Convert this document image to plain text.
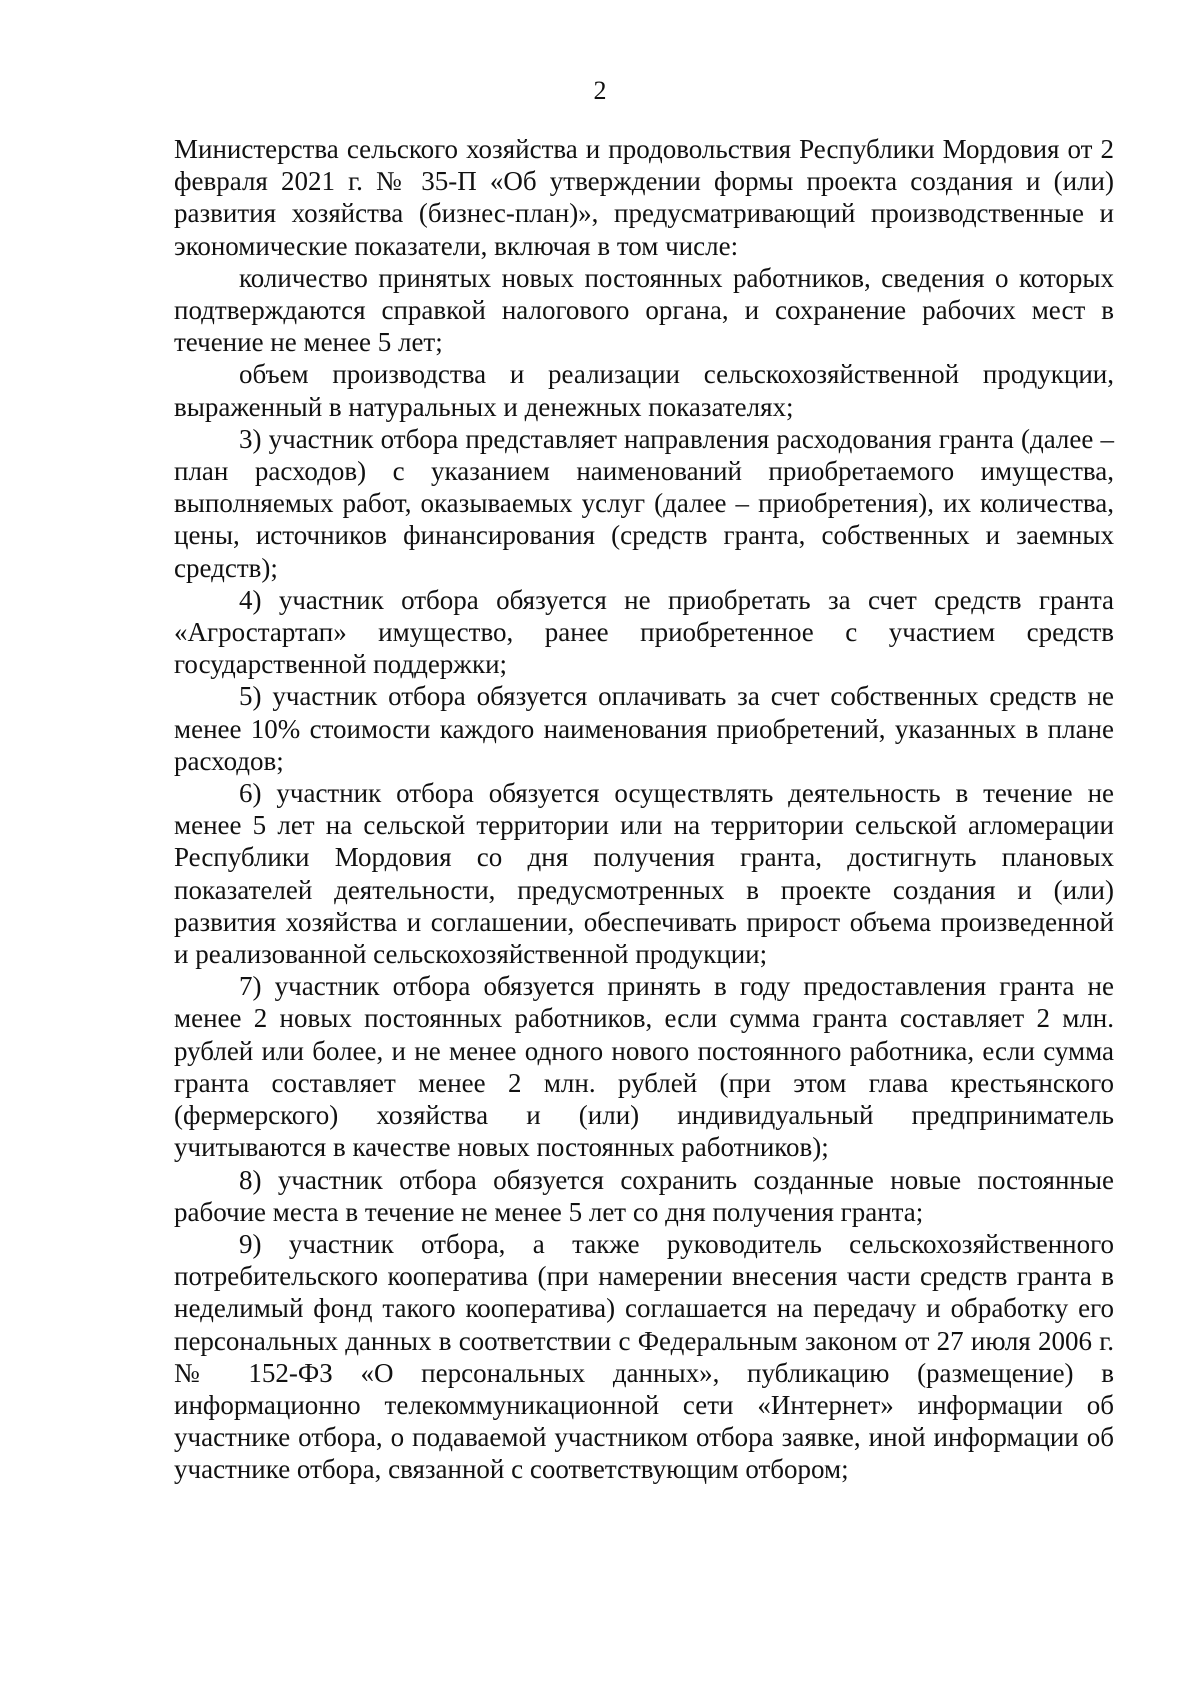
2

Министерства сельского хозяйства и продовольствия Республики Мордовия от 2 февраля 2021 г. № 35-П «Об утверждении формы проекта создания и (или) развития хозяйства (бизнес-план)», предусматривающий производственные и экономические показатели, включая в том числе:

количество принятых новых постоянных работников, сведения о которых подтверждаются справкой налогового органа, и сохранение рабочих мест в течение не менее 5 лет;

объем производства и реализации сельскохозяйственной продукции, выраженный в натуральных и денежных показателях;

3) участник отбора представляет направления расходования гранта (далее – план расходов) с указанием наименований приобретаемого имущества, выполняемых работ, оказываемых услуг (далее – приобретения), их количества, цены, источников финансирования (средств гранта, собственных и заемных средств);

4) участник отбора обязуется не приобретать за счет средств гранта «Агростартап» имущество, ранее приобретенное с участием средств государственной поддержки;

5) участник отбора обязуется оплачивать за счет собственных средств не менее 10% стоимости каждого наименования приобретений, указанных в плане расходов;

6) участник отбора обязуется осуществлять деятельность в течение не менее 5 лет на сельской территории или на территории сельской агломерации Республики Мордовия со дня получения гранта, достигнуть плановых показателей деятельности, предусмотренных в проекте создания и (или) развития хозяйства и соглашении, обеспечивать прирост объема произведенной и реализованной сельскохозяйственной продукции;

7) участник отбора обязуется принять в году предоставления гранта не менее 2 новых постоянных работников, если сумма гранта составляет 2 млн. рублей или более, и не менее одного нового постоянного работника, если сумма гранта составляет менее 2 млн. рублей (при этом глава крестьянского (фермерского) хозяйства и (или) индивидуальный предприниматель учитываются в качестве новых постоянных работников);

8) участник отбора обязуется сохранить созданные новые постоянные рабочие места в течение не менее 5 лет со дня получения гранта;

9) участник отбора, а также руководитель сельскохозяйственного потребительского кооператива (при намерении внесения части средств гранта в неделимый фонд такого кооператива) соглашается на передачу и обработку его персональных данных в соответствии с Федеральным законом от 27 июля 2006 г. № 152-ФЗ «О персональных данных», публикацию (размещение) в информационно телекоммуникационной сети «Интернет» информации об участнике отбора, о подаваемой участником отбора заявке, иной информации об участнике отбора, связанной с соответствующим отбором;
